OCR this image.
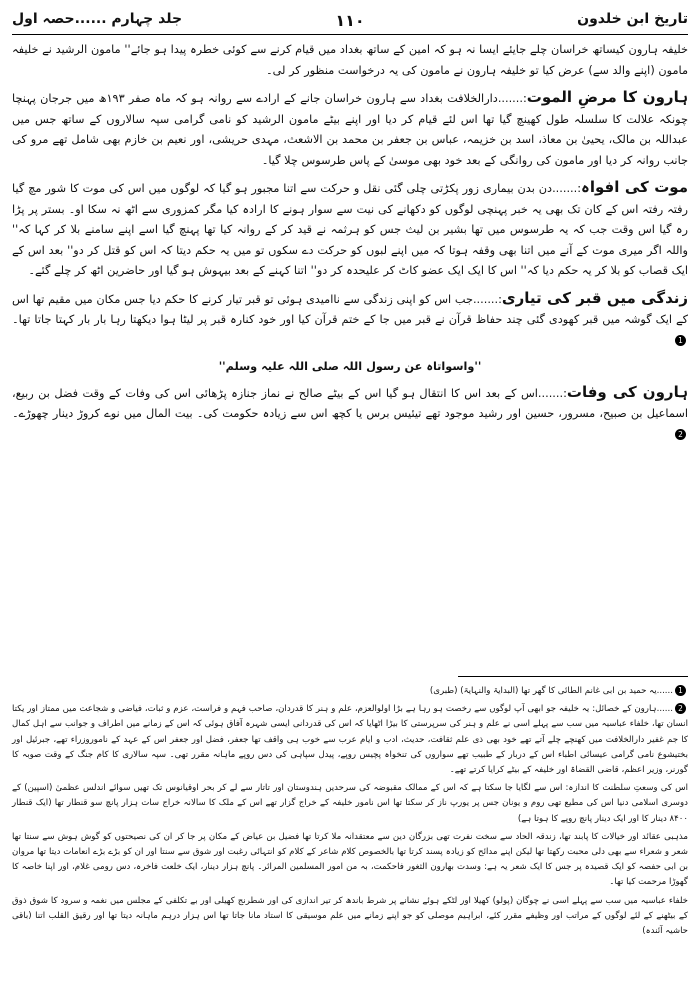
تاریخ ابن خلدون
۱۱۰
جلد چہارم ......حصہ اول

خلیفہ ہارون کیساتھ خراسان چلے جایئے ایسا نہ ہو کہ امین کے ساتھ بغداد میں قیام کرنے سے کوئی خطرہ پیدا ہو جائے'' مامون الرشید نے خلیفہ مامون (اپنے والد سے) عرض کیا تو خلیفہ ہارون نے مامون کی یہ درخواست منظور کر لی۔

ہارون کا مرضِ الموت:.......دارالخلافت بغداد سے ہارون خراسان جانے کے ارادے سے روانہ ہو کہ ماہ صفر ۱۹۳ھ میں جرجان پہنچا چونکہ علالت کا سلسلہ طول کھینچ گیا تھا اس لئے قیام کر دیا اور اپنے بیٹے مامون الرشید کو نامی گرامی سپہ سالاروں کے ساتھ جس میں عبداللہ بن مالک، یحییٰ بن معاذ، اسد بن خزیمہ، عباس بن جعفر بن محمد بن الاشعث، مہدی حریشی، اور نعیم بن خازم بھی شامل تھے مرو کی جانب روانہ کر دیا اور مامون کی روانگی کے بعد خود بھی موسیٰ کے پاس طرسوس چلا گیا۔

موت کی افواہ:.......دن بدن بیماری زور پکڑتی چلی گئی نقل و حرکت سے اتنا مجبور ہو گیا کہ لوگوں میں اس کی موت کا شور مچ گیا رفتہ رفتہ اس کے کان تک بھی یہ خبر پہنچی لوگوں کو دکھانے کی نیت سے سوار ہونے کا ارادہ کیا مگر کمزوری سے اٹھ نہ سکا او۔ بستر پر پڑا رہ گیا اس وقت جب کہ یہ طرسوس میں تھا بشیر بن لیث جس کو ہرثمہ نے قید کر کے روانہ کیا تھا پہنچ گیا اسے اپنے سامنے بلا کر کہا کہ'' واللہ اگر میری موت کے آنے میں اتنا بھی وقفہ ہوتا کہ میں اپنے لبوں کو حرکت دے سکوں تو میں یہ حکم دیتا کہ اس کو قتل کر دو'' بعد اس کے ایک قصاب کو بلا کر یہ حکم دیا کہ'' اس کا ایک ایک عضو کاٹ کر علیحدہ کر دو'' اتنا کہنے کے بعد بیہوش ہو گیا اور حاضرین اٹھ کر چلے گئے۔

زندگی میں قبر کی تیاری:.......جب اس کو اپنی زندگی سے ناامیدی ہوئی تو قبر تیار کرنے کا حکم دیا جس مکان میں مقیم تھا اس کے ایک گوشہ میں قبر کھودی گئی چند حفاظ قرآن نے قبر میں جا کے ختم قرآن کیا اور خود کنارہ قبر پر لیٹا ہوا دیکھتا رہا بار بار کہتا جاتا تھا۔1

''واسواتاہ عن رسول اللہ صلی اللہ علیہ وسلم''

ہارون کی وفات:.......اس کے بعد اس کا انتقال ہو گیا اس کے بیٹے صالح نے نماز جنازہ پڑھائی اس کی وفات کے وقت فضل بن ربیع، اسماعیل بن صبیح، مسرور، حسین اور رشید موجود تھے تیئیس برس یا کچھ اس سے زیادہ حکومت کی۔ بیت المال میں نوے کروڑ دینار چھوڑے۔2

1......یہ حمید بن ابی غانم الطائی کا گھر تھا (البدایۃ والنہایۃ) (طبری)

2......ہارون کے خصائل: یہ خلیفہ جو ابھی آپ لوگوں سے رخصت ہو رہا ہے بڑا اولوالعزم، علم و ہنر کا قدردان، صاحب فہم و فراست، عزم و ثبات، فیاضی و شجاعت میں ممتاز اور یکتا انسان تھا، خلفاء عباسیہ میں سب سے پہلے اسی نے علم و ہنر کی سرپرستی کا بیڑا اٹھایا کہ اس کی قدردانی ایسی شہرہ آفاق ہوئی کہ اس کے زمانے میں اطراف و جوانب سے اہل کمال کا جم غفیر دارالخلافت میں کھنچے چلے آتے تھے خود بھی ذی علم ثقافت، حدیث، ادب و ایام عرب سے خوب ہی واقف تھا جعفر، فضل اور جعفر اس کے عہد کے ناموروزراء تھے، جبرئیل اور بختیشوع نامی گرامی عیسائی اطباء اس کے دربار کے طبیب تھے سواروں کی تنخواہ پچیس روپے، پیدل سپاہی کی دس روپے ماہانہ مقرر تھی۔ سپہ سالاری کا کام جنگ کے وقت صوبہ کا گورنر، وزیر اعظم، قاضی القضاۃ اور خلیفہ کے بیٹے کرایا کرتے تھے۔

اس کی وسعتِ سلطنت کا اندازہ: اس سے لگایا جا سکتا ہے کہ اس کے ممالک مقبوضہ کی سرحدیں ہندوستان اور تاتار سے لے کر بحر اوقیانوس تک تھیں سوائے اندلس عظمیٰ (اسپین) کے دوسری اسلامی دنیا اس کی مطیع تھی روم و یونان جس پر یورپ ناز کر سکتا تھا اس نامور خلیفہ کے خراج گزار تھے اس کے ملک کا سالانہ خراج سات ہزار پانچ سو قنطار تھا (ایک قنطار ۸۴۰۰ دینار کا اور ایک دینار پانچ روپے کا ہوتا ہے)

مذہبی عقائد اور خیالات کا پابند تھا، زندقہ الحاد سے سخت نفرت تھی بزرگان دین سے معتقدانہ ملا کرتا تھا فضیل بن عیاض کے مکان پر جا کر ان کی نصیحتوں کو گوش ہوش سے سنتا تھا شعر و شعراء سے بھی دلی محبت رکھتا تھا لیکن اپنے مدائح کو زیادہ پسند کرتا تھا بالخصوص کلام شاعر کے کلام کو انتہائی رغبت اور شوق سے سنتا اور ان کو بڑے بڑے انعامات دیتا تھا مروان بن ابی حفصہ کو ایک قصیدہ پر جس کا ایک شعر یہ ہے: وسدت بھارون الثغور فاحکمت، بہ من امور المسلمین المرائر۔ پانچ ہزار دینار، ایک خلعت فاخرہ، دس رومی غلام، اور اپنا خاصہ کا گھوڑا مرحمت کیا تھا۔

خلفاء عباسیہ میں سب سے پہلے اسی نے چوگان (پولو) کھیلا اور لٹکے ہوئے نشانے پر شرط باندھ کر تیر اندازی کی اور شطرنج کھیلی اور بے تکلفی کے مجلس میں نغمہ و سرود کا شوق ذوق کے بیٹھنے کے لئے لوگوں کے مراتب اور وظیفے مقرر کئے، ابراہیم موصلی کو جو اپنے زمانے میں علم موسیقی کا استاد مانا جاتا تھا اس ہزار درہم ماہانہ دیتا تھا اور رقیق القلب اتنا (باقی حاشیہ آئندہ)
